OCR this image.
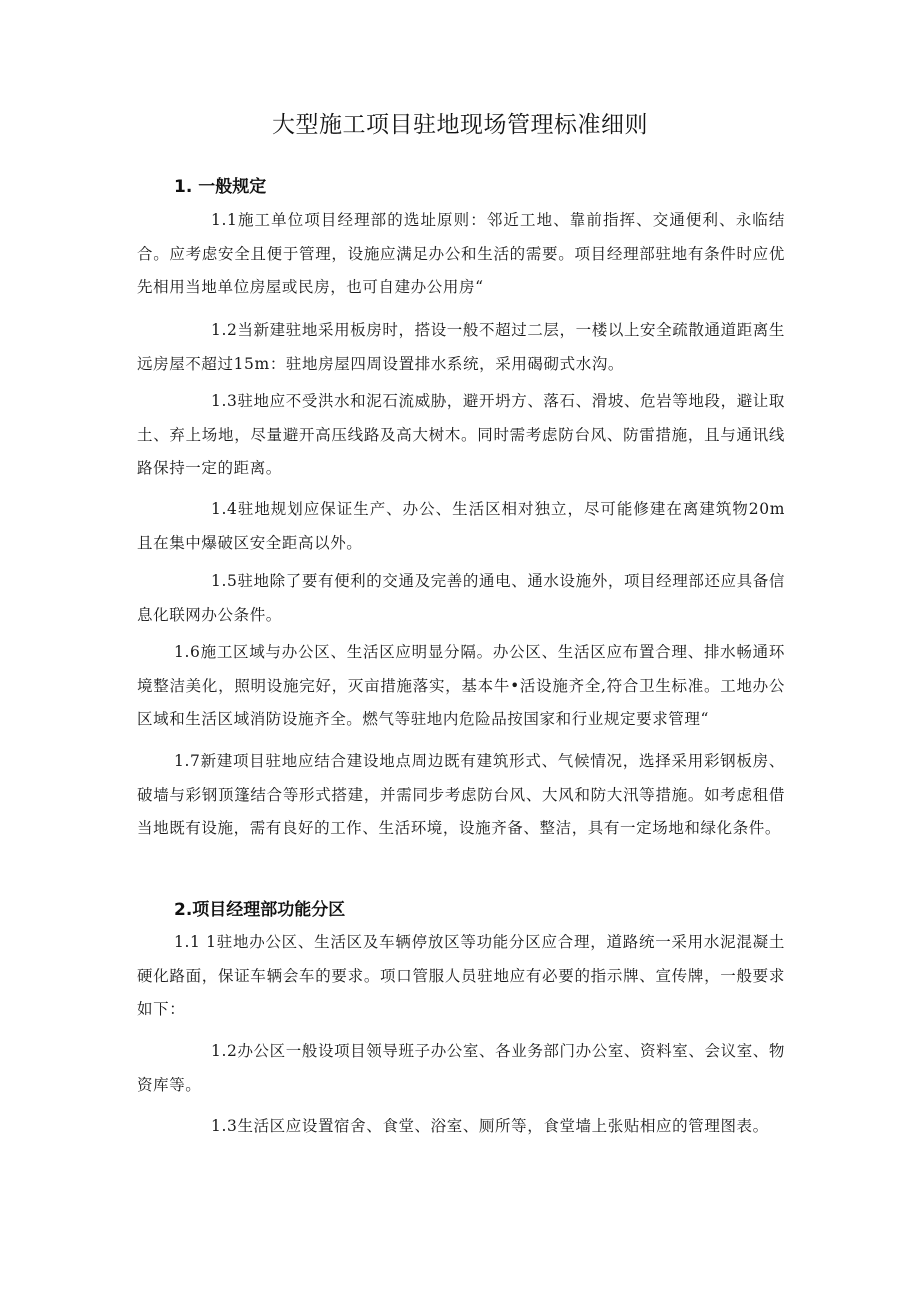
大型施工项目驻地现场管理标准细则
1. 一般规定
1.1施工单位项目经理部的选址原则：邻近工地、靠前指挥、交通便利、永临结合。应考虑安全且便于管理，设施应满足办公和生活的需要。项目经理部驻地有条件时应优先相用当地单位房屋或民房，也可自建办公用房“
1.2当新建驻地采用板房时，搭设一般不超过二层，一楼以上安全疏散通道距离生远房屋不超过15m：驻地房屋四周设置排水系统，采用碣砌式水沟。
1.3驻地应不受洪水和泥石流威胁，避开坍方、落石、滑坡、危岩等地段，避让取土、弃上场地，尽量避开高压线路及高大树木。同时需考虑防台风、防雷措施，且与通讯线路保持一定的距离。
1.4驻地规划应保证生产、办公、生活区相对独立，尽可能修建在离建筑物20m且在集中爆破区安全距高以外。
1.5驻地除了要有便利的交通及完善的通电、通水设施外，项目经理部还应具备信息化联网办公条件。
1.6施工区域与办公区、生活区应明显分隔。办公区、生活区应布置合理、排水畅通环境整洁美化，照明设施完好，灭亩措施落实，基本牛•活设施齐全,符合卫生标准。工地办公区域和生活区域消防设施齐全。燃气等驻地内危险品按国家和行业规定要求管理“
1.7新建项目驻地应结合建设地点周边既有建筑形式、气候情况，选择采用彩钢板房、破墙与彩钢顶篷结合等形式搭建，并需同步考虑防台风、大风和防大汛等措施。如考虑租借当地既有设施，需有良好的工作、生活环境，设施齐备、整洁，具有一定场地和绿化条件。
2.项目经理部功能分区
1.1 1驻地办公区、生活区及车辆停放区等功能分区应合理，道路统一采用水泥混凝土硬化路面，保证车辆会车的要求。项口管服人员驻地应有必要的指示牌、宣传牌，一般要求如下：
1.2办公区一般设项目领导班子办公室、各业务部门办公室、资料室、会议室、物资库等。
1.3生活区应设置宿舍、食堂、浴室、厕所等，食堂墙上张贴相应的管理图表。
